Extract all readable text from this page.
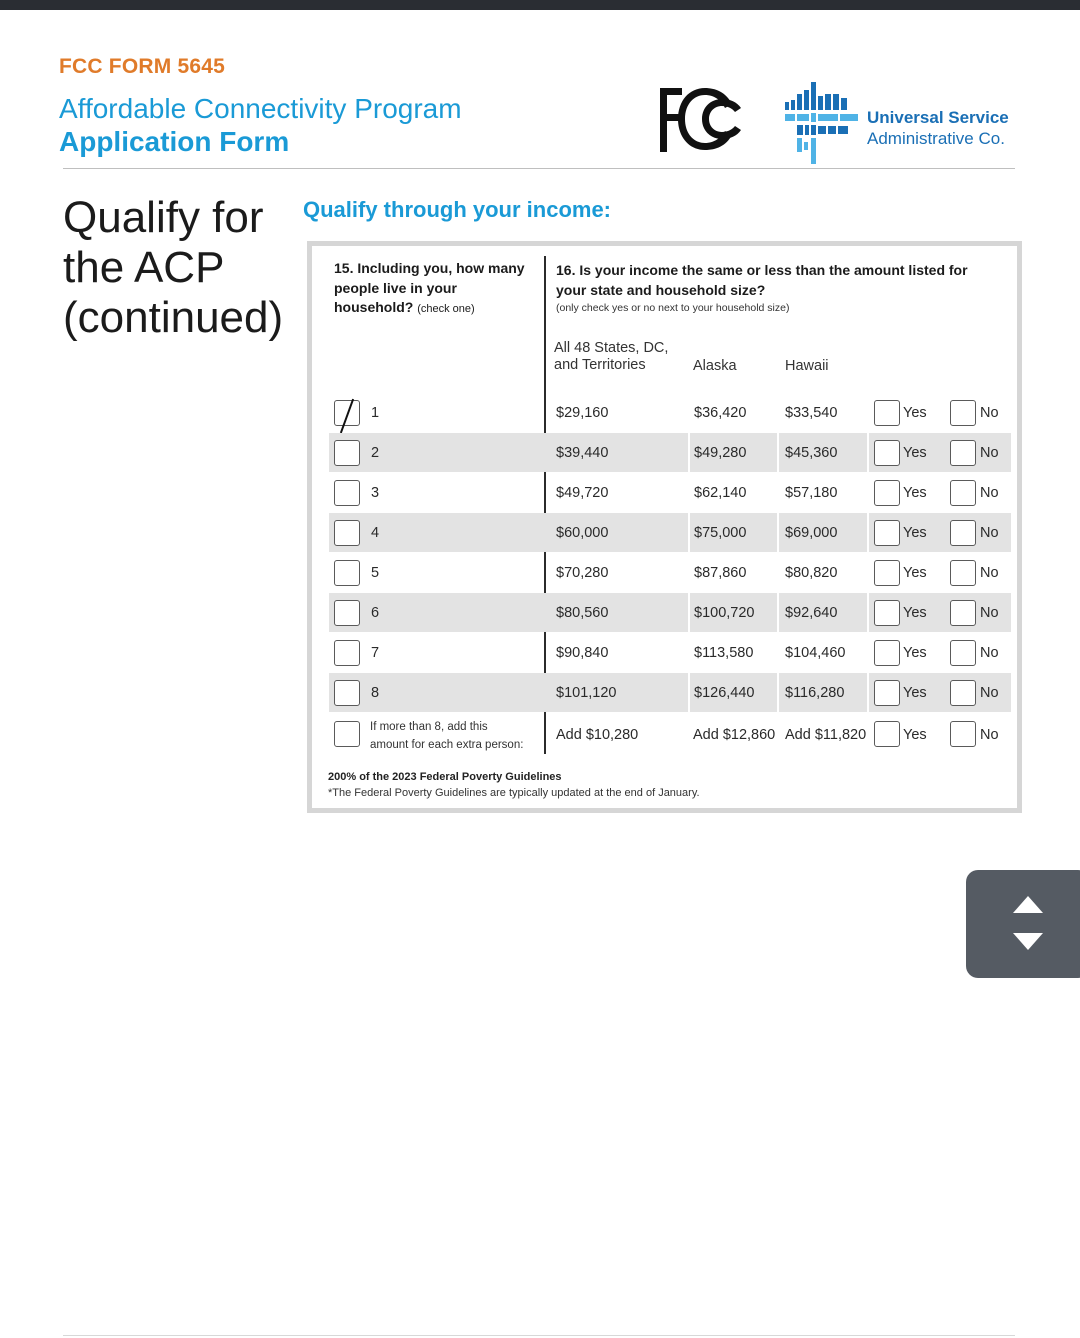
FCC FORM 5645
Affordable Connectivity Program
Application Form
Universal Service
Administrative Co.
Qualify for
the ACP
(continued)
Qualify through your income:
15. Including you, how many people live in your household? (check one)
16. Is your income the same or less than the amount listed for your state and household size?
(only check yes or no next to your household size)
All 48 States, DC,
and Territories	Alaska	Hawaii
1	$29,160	$36,420	$33,540	Yes	No
2	$39,440	$49,280	$45,360	Yes	No
3	$49,720	$62,140	$57,180	Yes	No
4	$60,000	$75,000	$69,000	Yes	No
5	$70,280	$87,860	$80,820	Yes	No
6	$80,560	$100,720 $92,640	Yes	No
7	$90,840	$113,580 $104,460	Yes	No
8	$101,120	$126,440 $116,280	Yes	No
If more than 8, add this
amount for each extra person:
Add $10,280	Add $12,860 Add $11,820	Yes	No
200% of the 2023 Federal Poverty Guidelines
*The Federal Poverty Guidelines are typically updated at the end of January.
